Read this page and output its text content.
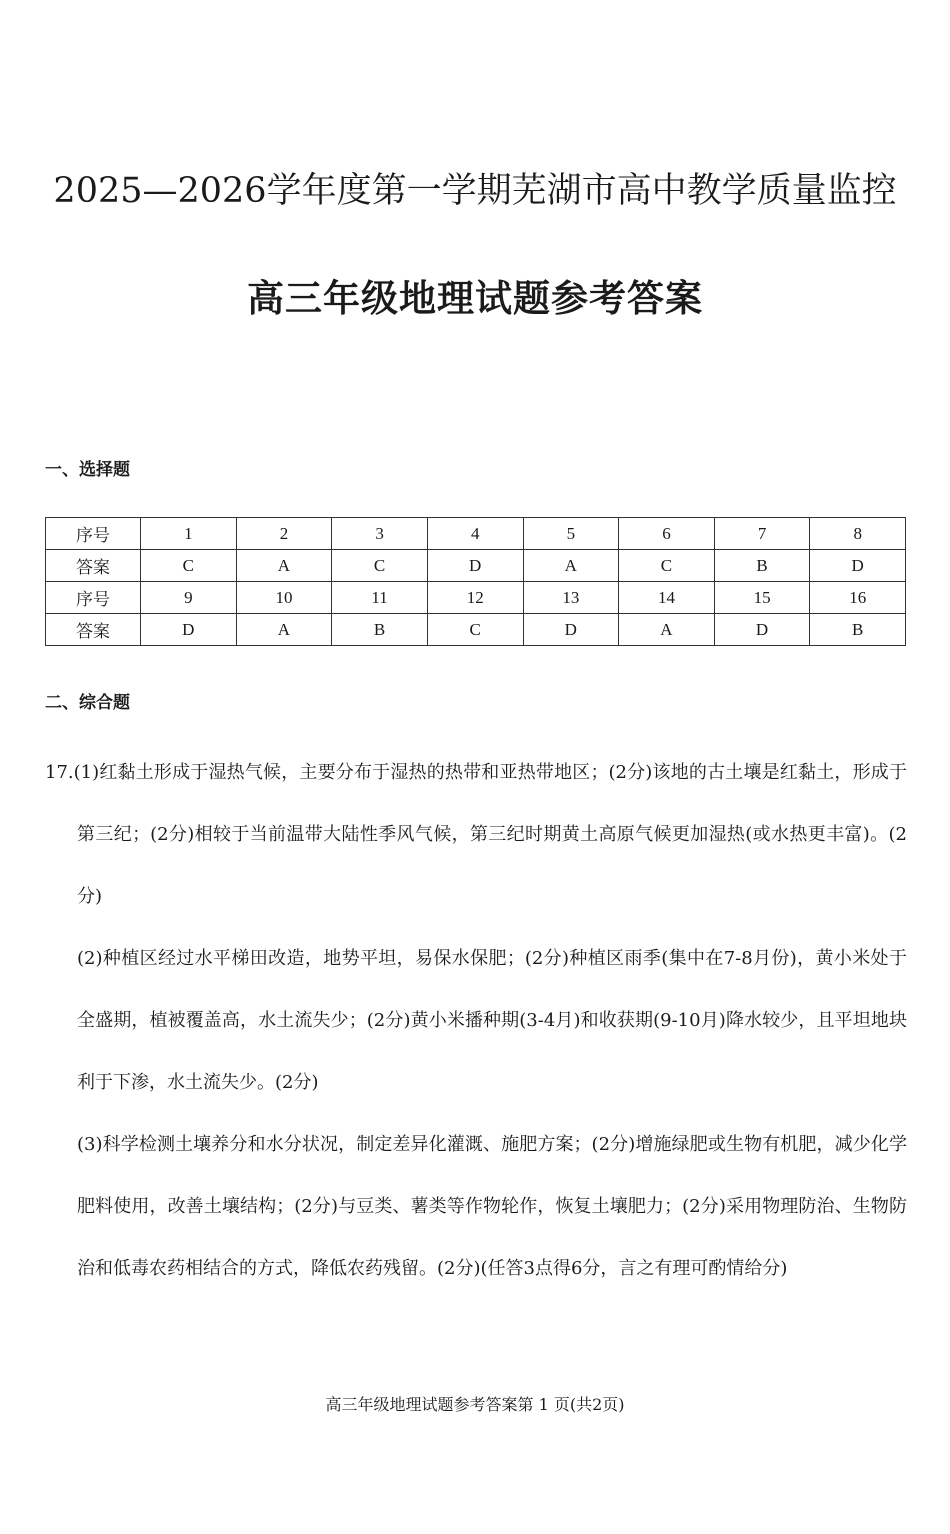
2025—2026学年度第一学期芜湖市高中教学质量监控
高三年级地理试题参考答案
一、选择题
序号	1	2	3	4	5	6	7	8
答案	C	A	C	D	A	C	B	D
序号	9	10	11	12	13	14	15	16
答案	D	A	B	C	D	A	D	B
二、综合题

17.(1)红黏土形成于湿热气候，主要分布于湿热的热带和亚热带地区；(2分)该地的古土壤是红黏土，形成于第三纪；(2分)相较于当前温带大陆性季风气候，第三纪时期黄土高原气候更加湿热(或水热更丰富)。(2分)

(2)种植区经过水平梯田改造，地势平坦，易保水保肥；(2分)种植区雨季(集中在7-8月份)，黄小米处于全盛期，植被覆盖高，水土流失少；(2分)黄小米播种期(3-4月)和收获期(9-10月)降水较少，且平坦地块利于下渗，水土流失少。(2分)

(3)科学检测土壤养分和水分状况，制定差异化灌溉、施肥方案；(2分)增施绿肥或生物有机肥，减少化学肥料使用，改善土壤结构；(2分)与豆类、薯类等作物轮作，恢复土壤肥力；(2分)采用物理防治、生物防治和低毒农药相结合的方式，降低农药残留。(2分)(任答3点得6分，言之有理可酌情给分)

高三年级地理试题参考答案第 1 页(共2页)
